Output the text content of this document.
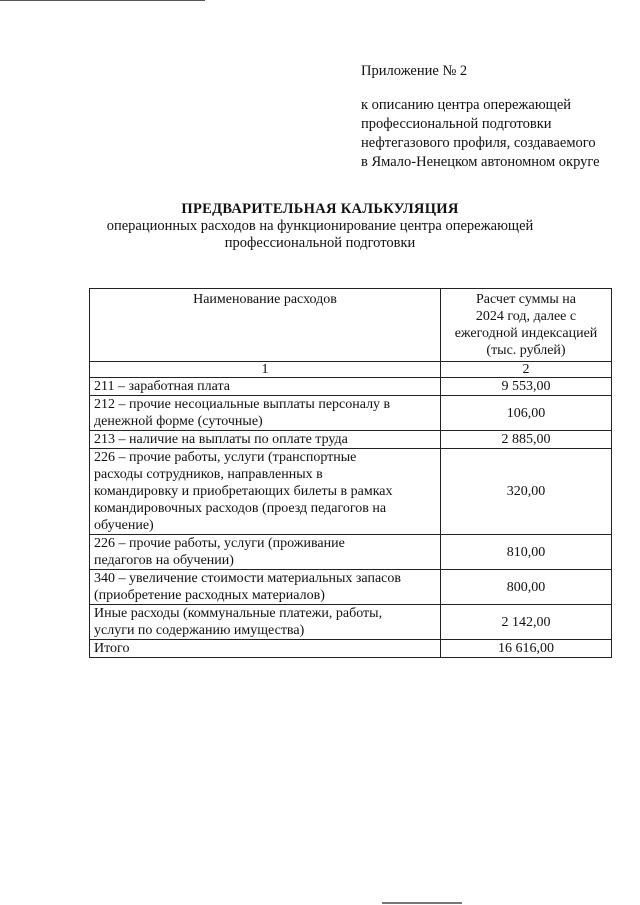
Приложение № 2
к описанию центра опережающей
профессиональной подготовки
нефтегазового профиля, создаваемого
в Ямало-Ненецком автономном округе
ПРЕДВАРИТЕЛЬНАЯ КАЛЬКУЛЯЦИЯ
операционных расходов на функционирование центра опережающей
профессиональной подготовки
Наименование расходов	Расчет суммы на
2024 год, далее с
ежегодной индексацией
(тыс. рублей)

1	2

211 – заработная плата	9 553,00

212 – прочие несоциальные выплаты персоналу в
денежной форме (суточные)	106,00

213 – наличие на выплаты по оплате труда	2 885,00

226 – прочие работы, услуги (транспортные
расходы сотрудников, направленных в
командировку и приобретающих билеты в рамках
командировочных расходов (проезд педагогов на
обучение)	320,00

226 – прочие работы, услуги (проживание
педагогов на обучении)	810,00

340 – увеличение стоимости материальных запасов
(приобретение расходных материалов)	800,00

Иные расходы (коммунальные платежи, работы,
услуги по содержанию имущества)	2 142,00

Итого	16 616,00
